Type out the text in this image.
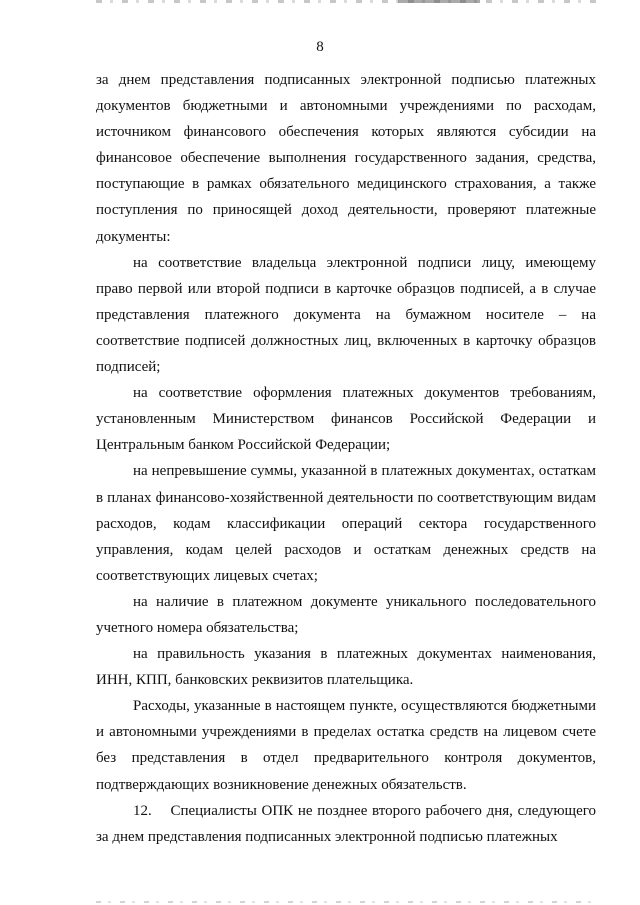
8

за днем представления подписанных электронной подписью платежных документов бюджетными и автономными учреждениями по расходам, источником финансового обеспечения которых являются субсидии на финансовое обеспечение выполнения государственного задания, средства, поступающие в рамках обязательного медицинского страхования, а также поступления по приносящей доход деятельности, проверяют платежные документы:

на соответствие владельца электронной подписи лицу, имеющему право первой или второй подписи в карточке образцов подписей, а в случае представления платежного документа на бумажном носителе – на соответствие подписей должностных лиц, включенных в карточку образцов подписей;

на соответствие оформления платежных документов требованиям, установленным Министерством финансов Российской Федерации и Центральным банком Российской Федерации;

на непревышение суммы, указанной в платежных документах, остаткам в планах финансово-хозяйственной деятельности по соответствующим видам расходов, кодам классификации операций сектора государственного управления, кодам целей расходов и остаткам денежных средств на соответствующих лицевых счетах;

на наличие в платежном документе уникального последовательного учетного номера обязательства;

на правильность указания в платежных документах наименования, ИНН, КПП, банковских реквизитов плательщика.

Расходы, указанные в настоящем пункте, осуществляются бюджетными и автономными учреждениями в пределах остатка средств на лицевом счете без представления в отдел предварительного контроля документов, подтверждающих возникновение денежных обязательств.

12. Специалисты ОПК не позднее второго рабочего дня, следующего за днем представления подписанных электронной подписью платежных
